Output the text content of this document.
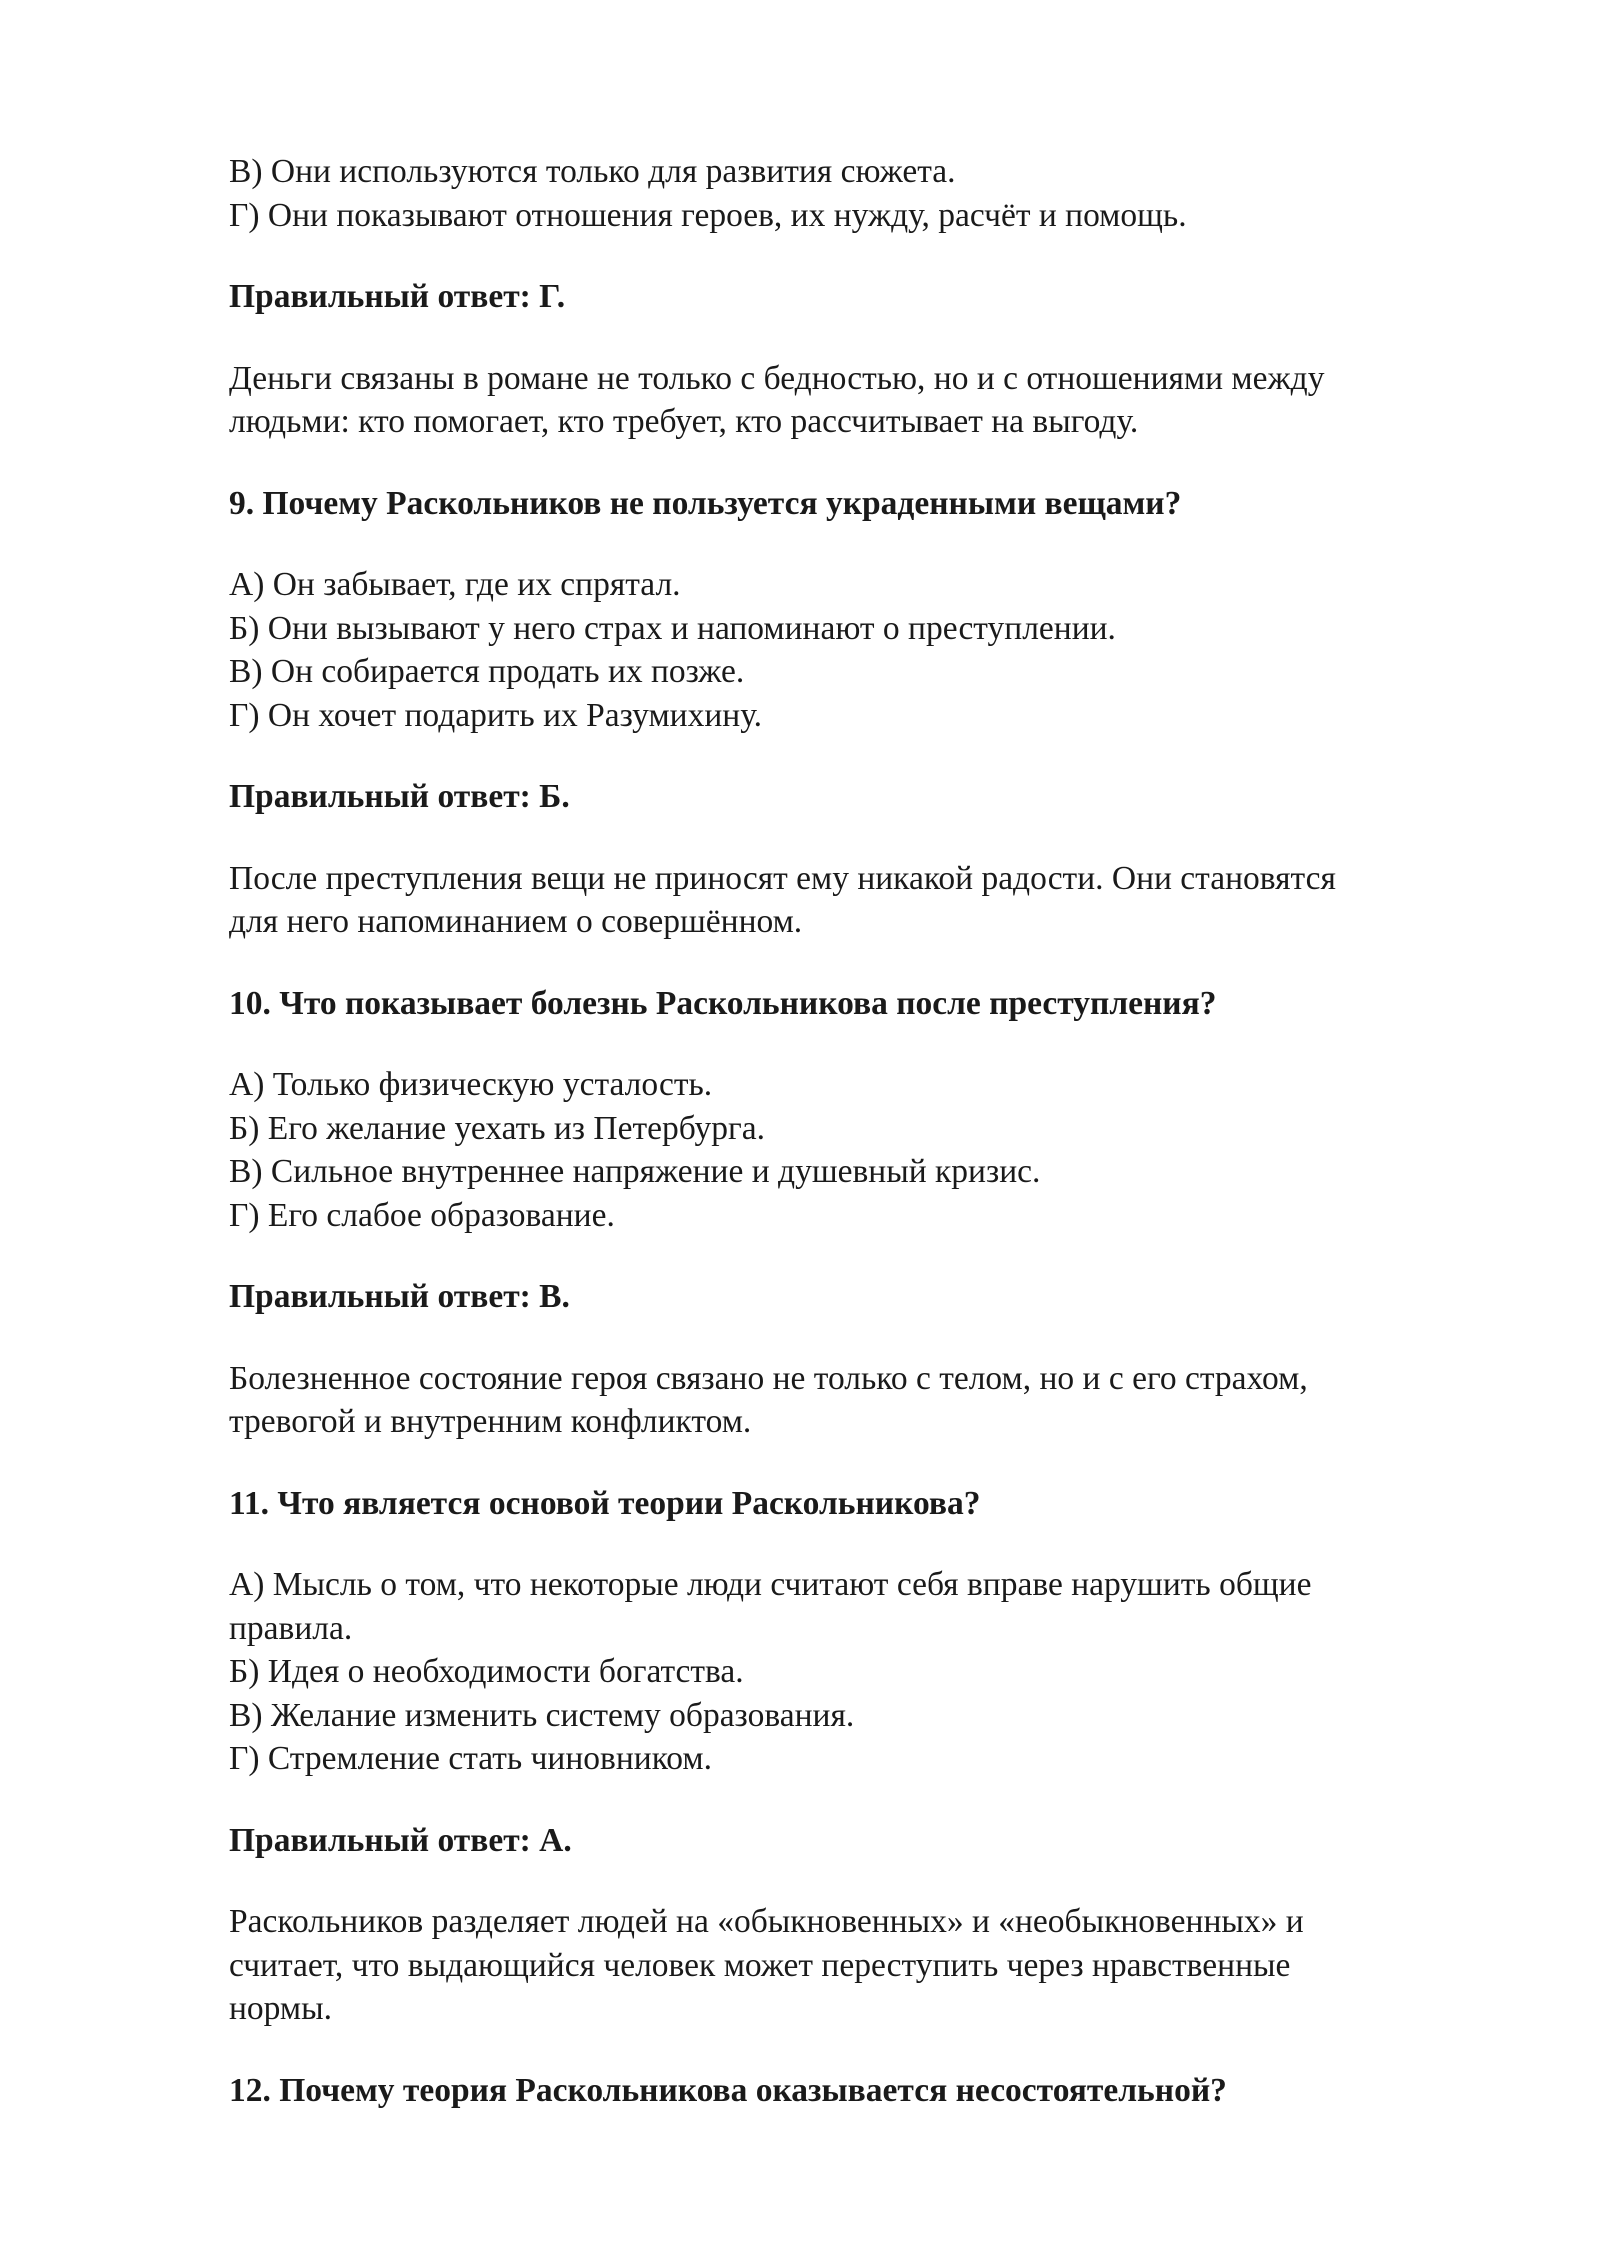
В) Они используются только для развития сюжета.
Г) Они показывают отношения героев, их нужду, расчёт и помощь.
Правильный ответ: Г.
Деньги связаны в романе не только с бедностью, но и с отношениями между
людьми: кто помогает, кто требует, кто рассчитывает на выгоду.
9. Почему Раскольников не пользуется украденными вещами?
А) Он забывает, где их спрятал.
Б) Они вызывают у него страх и напоминают о преступлении.
В) Он собирается продать их позже.
Г) Он хочет подарить их Разумихину.
Правильный ответ: Б.
После преступления вещи не приносят ему никакой радости. Они становятся
для него напоминанием о совершённом.
10. Что показывает болезнь Раскольникова после преступления?
А) Только физическую усталость.
Б) Его желание уехать из Петербурга.
В) Сильное внутреннее напряжение и душевный кризис.
Г) Его слабое образование.
Правильный ответ: В.
Болезненное состояние героя связано не только с телом, но и с его страхом,
тревогой и внутренним конфликтом.
11. Что является основой теории Раскольникова?
А) Мысль о том, что некоторые люди считают себя вправе нарушить общие
правила.
Б) Идея о необходимости богатства.
В) Желание изменить систему образования.
Г) Стремление стать чиновником.
Правильный ответ: А.
Раскольников разделяет людей на «обыкновенных» и «необыкновенных» и
считает, что выдающийся человек может переступить через нравственные
нормы.
12. Почему теория Раскольникова оказывается несостоятельной?
